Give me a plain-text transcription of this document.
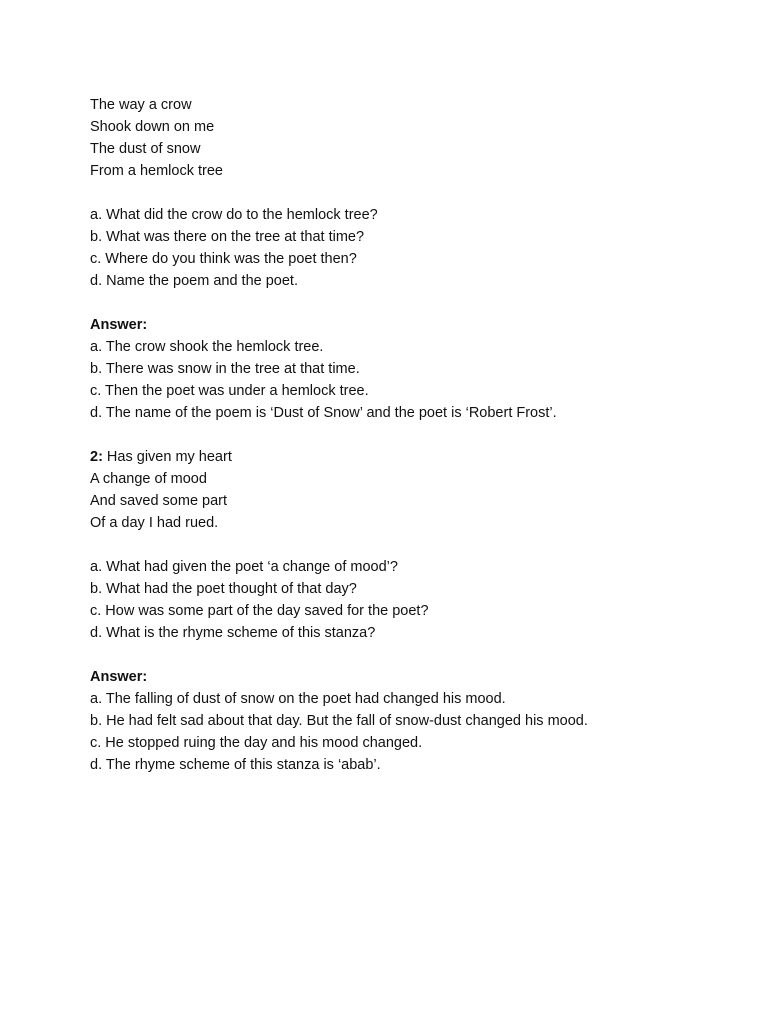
The way a crow
Shook down on me
The dust of snow
From a hemlock tree
a. What did the crow do to the hemlock tree?
b. What was there on the tree at that time?
c. Where do you think was the poet then?
d. Name the poem and the poet.
Answer:
a. The crow shook the hemlock tree.
b. There was snow in the tree at that time.
c. Then the poet was under a hemlock tree.
d. The name of the poem is ‘Dust of Snow’ and the poet is ‘Robert Frost’.
2: Has given my heart
A change of mood
And saved some part
Of a day I had rued.
a. What had given the poet ‘a change of mood’?
b. What had the poet thought of that day?
c. How was some part of the day saved for the poet?
d. What is the rhyme scheme of this stanza?
Answer:
a. The falling of dust of snow on the poet had changed his mood.
b. He had felt sad about that day. But the fall of snow-dust changed his mood.
c. He stopped ruing the day and his mood changed.
d. The rhyme scheme of this stanza is ‘abab’.
